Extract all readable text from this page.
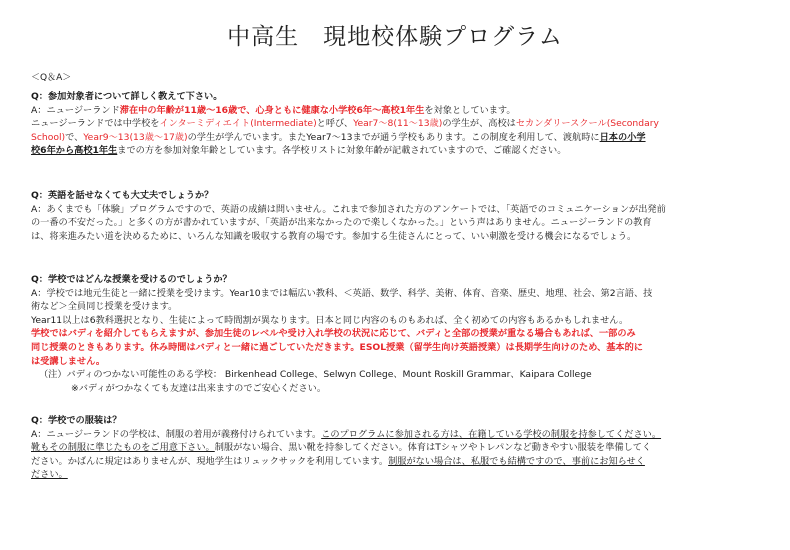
中高生　現地校体験プログラム
＜Q＆A＞

Q：参加対象者について詳しく教えて下さい。

A：ニュージーランド滞在中の年齢が11歳～16歳で、心身ともに健康な小学校6年～高校1年生を対象としています。

ニュージーランドでは中学校をインターミディエイト(Intermediate)と呼び、Year7～8(11～13歳)の学生が、高校はセカンダリースクール(Secondary

School)で、Year9～13(13歳～17歳)の学生が学んでいます。またYear7～13までが通う学校もあります。この制度を利用して、渡航時に日本の小学

校6年から高校1年生までの方を参加対象年齢としています。各学校リストに対象年齢が記載されていますので、ご確認ください。

Q：英語を話せなくても大丈夫でしょうか？

A：あくまでも「体験」プログラムですので、英語の成績は問いません。これまで参加された方のアンケートでは、「英語でのコミュニケーションが出発前

の一番の不安だった。」と多くの方が書かれていますが、「英語が出来なかったので楽しくなかった。」という声はありません。ニュージーランドの教育

は、将来進みたい道を決めるために、いろんな知識を吸収する教育の場です。参加する生徒さんにとって、いい刺激を受ける機会になるでしょう。

Q：学校ではどんな授業を受けるのでしょうか？

A：学校では地元生徒と一緒に授業を受けます。Year10までは幅広い教科、＜英語、数学、科学、美術、体育、音楽、歴史、地理、社会、第2言語、技

術など＞全員同じ授業を受けます。

Year11以上は6教科選択となり、生徒によって時間割が異なります。日本と同じ内容のものもあれば、全く初めての内容もあるかもしれません。

学校ではバディを紹介してもらえますが、参加生徒のレベルや受け入れ学校の状況に応じて、バディと全部の授業が重なる場合もあれば、一部のみ

同じ授業のときもあります。休み時間はバディと一緒に過ごしていただきます。ESOL授業（留学生向け英語授業）は長期学生向けのため、基本的に

は受講しません。

（注）バディのつかない可能性のある学校： Birkenhead College、Selwyn College、Mount Roskill Grammar、Kaipara College

※バディがつかなくても友達は出来ますのでご安心ください。

Q：学校での服装は？

A：ニュージーランドの学校は、制服の着用が義務付けられています。このプログラムに参加される方は、在籍している学校の制服を持参してください。

靴もその制服に準じたものをご用意下さい。制服がない場合、黒い靴を持参してください。体育はTシャツやトレパンなど動きやすい服装を準備してく

ださい。かばんに規定はありませんが、現地学生はリュックサックを利用しています。制服がない場合は、私服でも結構ですので、事前にお知らせく

ださい。
